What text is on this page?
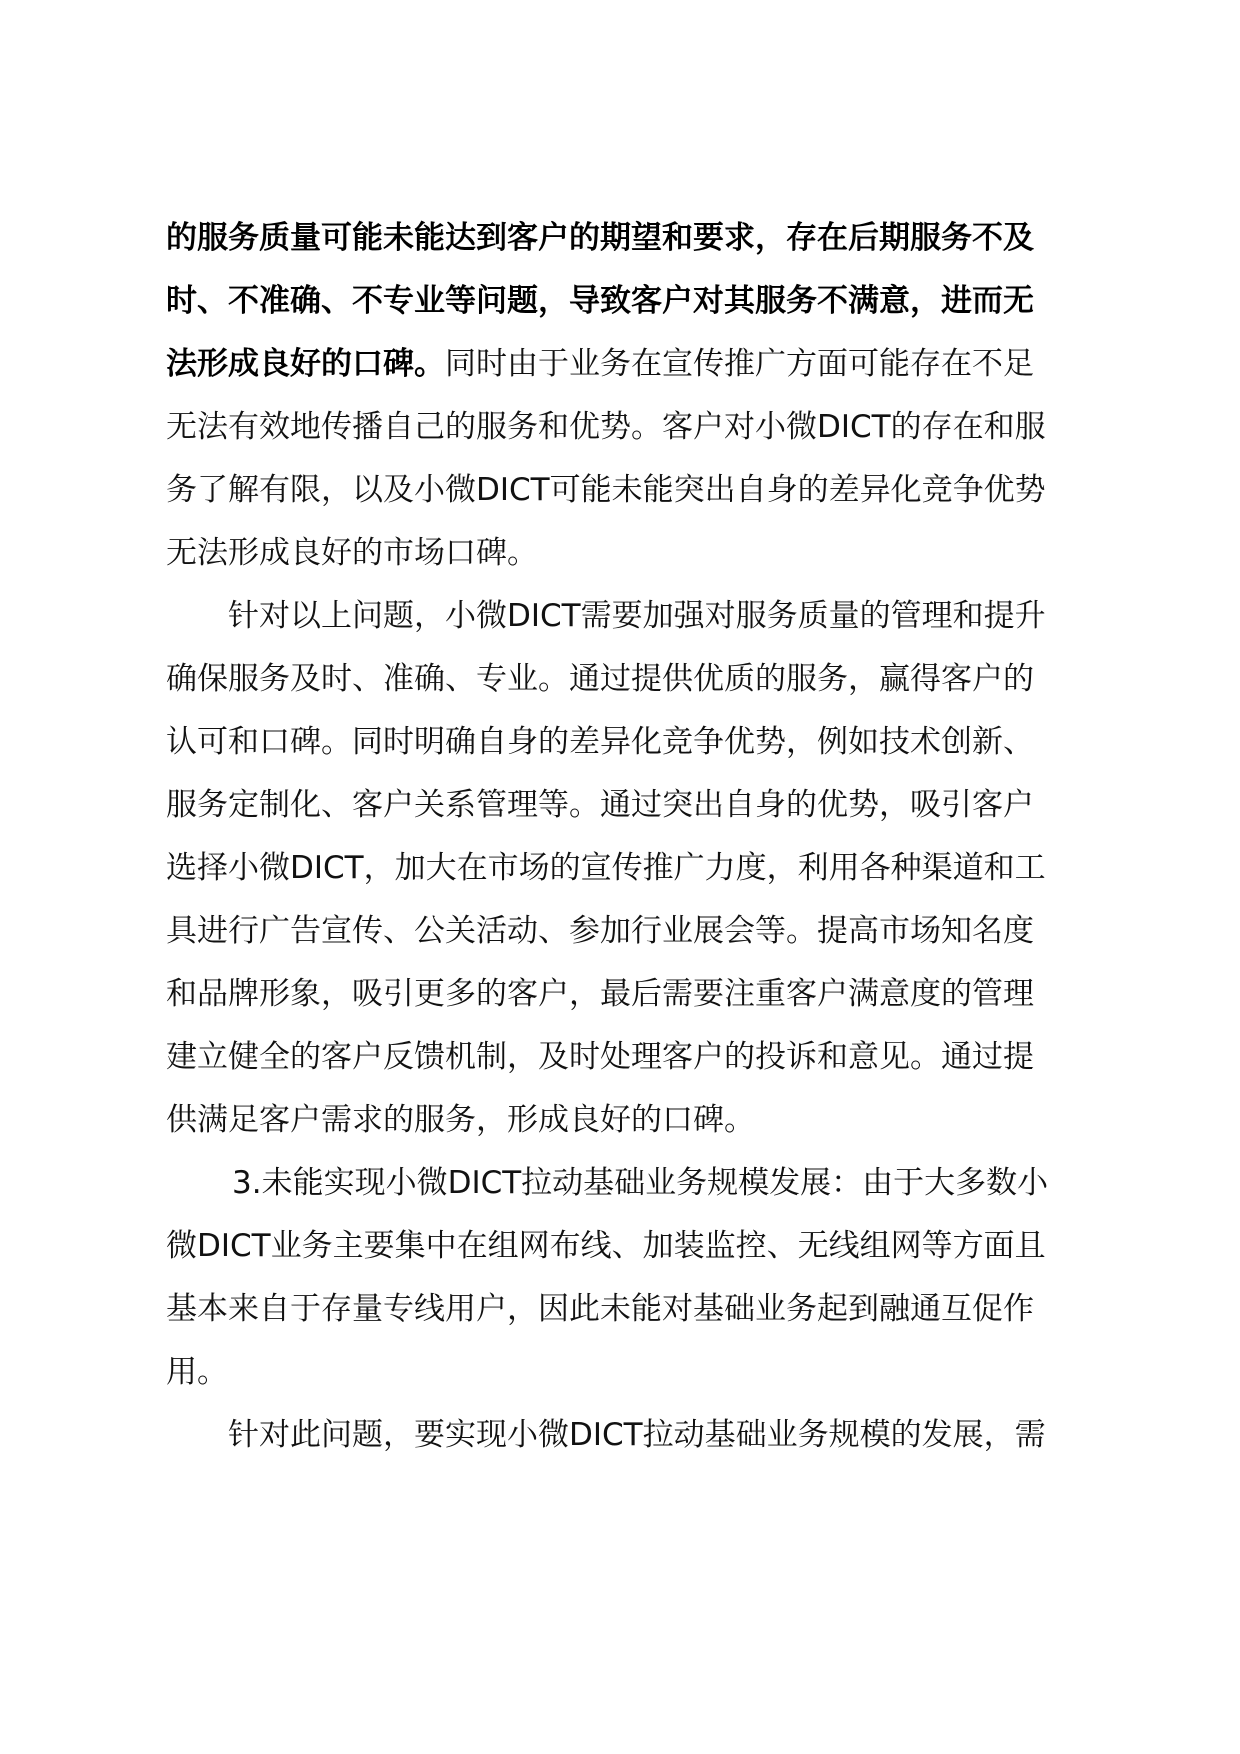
的服务质量可能未能达到客户的期望和要求，存在后期服务不及
时、不准确、不专业等问题，导致客户对其服务不满意，进而无
法形成良好的口碑。同时由于业务在宣传推广方面可能存在不足
无法有效地传播自己的服务和优势。客户对小微DICT的存在和服
务了解有限，以及小微DICT可能未能突出自身的差异化竞争优势
无法形成良好的市场口碑。
针对以上问题，小微DICT需要加强对服务质量的管理和提升
确保服务及时、准确、专业。通过提供优质的服务，赢得客户的
认可和口碑。同时明确自身的差异化竞争优势，例如技术创新、
服务定制化、客户关系管理等。通过突出自身的优势，吸引客户
选择小微DICT，加大在市场的宣传推广力度，利用各种渠道和工
具进行广告宣传、公关活动、参加行业展会等。提高市场知名度
和品牌形象，吸引更多的客户，最后需要注重客户满意度的管理
建立健全的客户反馈机制，及时处理客户的投诉和意见。通过提
供满足客户需求的服务，形成良好的口碑。
3.未能实现小微DICT拉动基础业务规模发展：由于大多数小
微DICT业务主要集中在组网布线、加装监控、无线组网等方面且
基本来自于存量专线用户，因此未能对基础业务起到融通互促作
用。
针对此问题，要实现小微DICT拉动基础业务规模的发展，需
